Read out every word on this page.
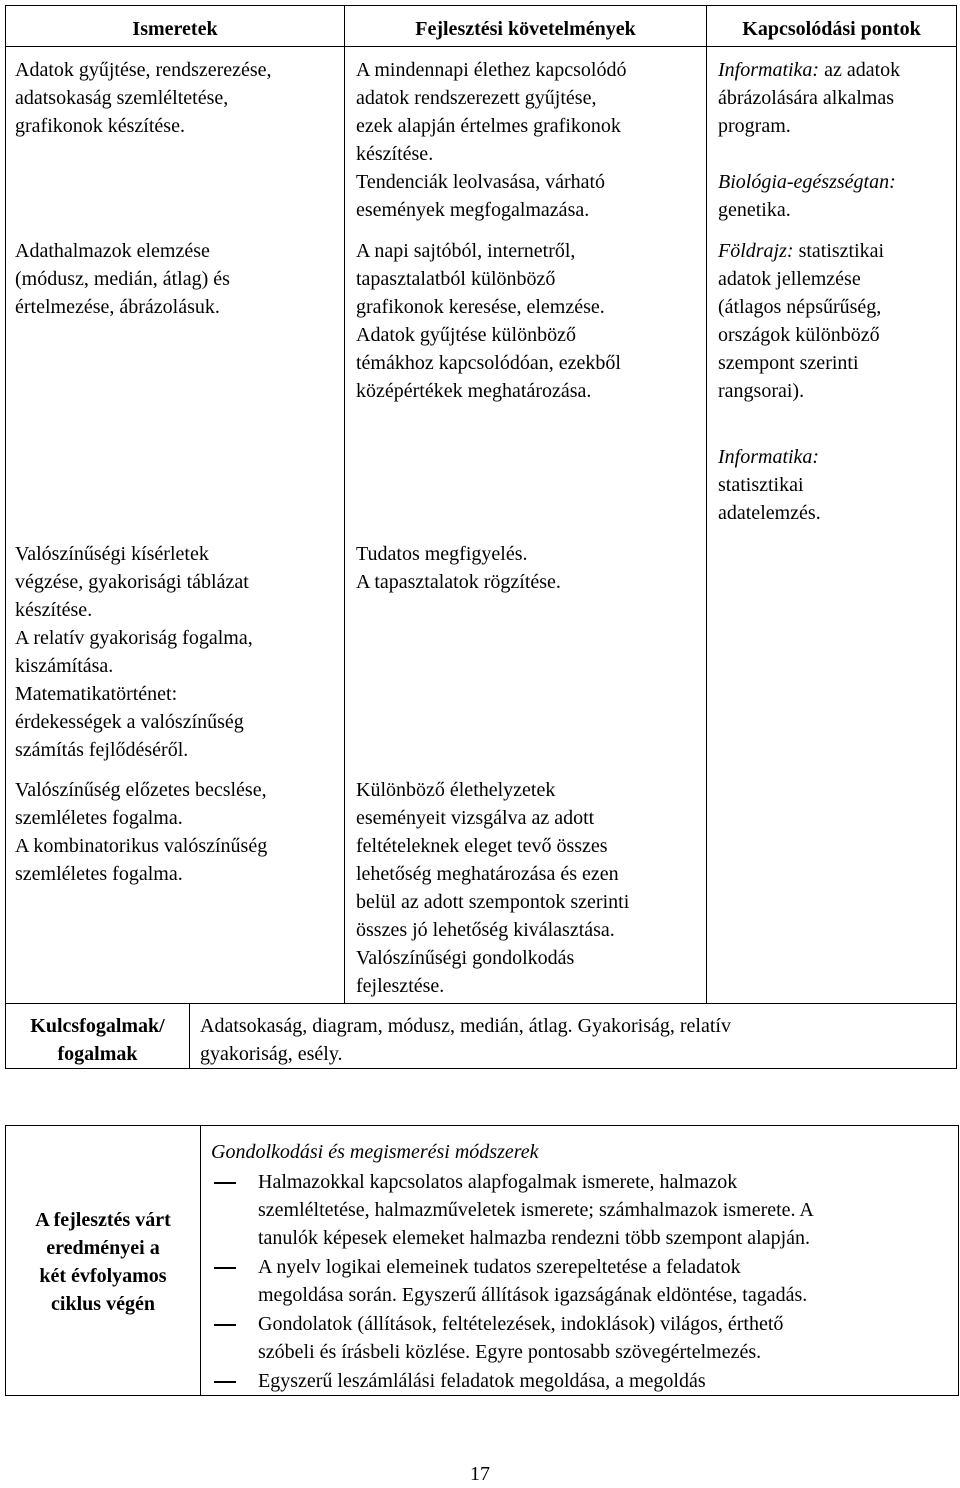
Ismeretek	Fejlesztési követelmények	Kapcsolódási pontok
Adatok gyűjtése, rendszerezése,
adatsokaság szemléltetése,
grafikonok készítése.
Adathalmazok elemzése
(módusz, medián, átlag) és
értelmezése, ábrázolásuk.
Valószínűségi kísérletek
végzése, gyakorisági táblázat
készítése.
A relatív gyakoriság fogalma,
kiszámítása.
Matematikatörténet:
érdekességek a valószínűség
számítás fejlődéséről.
Valószínűség előzetes becslése,
szemléletes fogalma.
A kombinatorikus valószínűség
szemléletes fogalma.
A mindennapi élethez kapcsolódó
adatok rendszerezett gyűjtése,
ezek alapján értelmes grafikonok
készítése.
Tendenciák leolvasása, várható
események megfogalmazása.
A napi sajtóból, internetről,
tapasztalatból különböző
grafikonok keresése, elemzése.
Adatok gyűjtése különböző
témákhoz kapcsolódóan, ezekből
középértékek meghatározása.
Tudatos megfigyelés.
A tapasztalatok rögzítése.
Különböző élethelyzetek
eseményeit vizsgálva az adott
feltételeknek eleget tevő összes
lehetőség meghatározása és ezen
belül az adott szempontok szerinti
összes jó lehetőség kiválasztása.
Valószínűségi gondolkodás
fejlesztése.
Informatika: az adatok
ábrázolására alkalmas
program.
Biológia-egészségtan:
genetika.
Földrajz: statisztikai
adatok jellemzése
(átlagos népsűrűség,
országok különböző
szempont szerinti
rangsorai).
Informatika:
statisztikai
adatelemzés.
Kulcsfogalmak/
fogalmak
Adatsokaság, diagram, módusz, medián, átlag. Gyakoriság, relatív
gyakoriság, esély.
A fejlesztés várt
eredményei a
két évfolyamos
ciklus végén
Gondolkodási és megismerési módszerek
Halmazokkal kapcsolatos alapfogalmak ismerete, halmazok
szemléltetése, halmazműveletek ismerete; számhalmazok ismerete. A
tanulók képesek elemeket halmazba rendezni több szempont alapján.
A nyelv logikai elemeinek tudatos szerepeltetése a feladatok
megoldása során. Egyszerű állítások igazságának eldöntése, tagadás.
Gondolatok (állítások, feltételezések, indoklások) világos, érthető
szóbeli és írásbeli közlése. Egyre pontosabb szövegértelmezés.
Egyszerű leszámlálási feladatok megoldása, a megoldás
17
